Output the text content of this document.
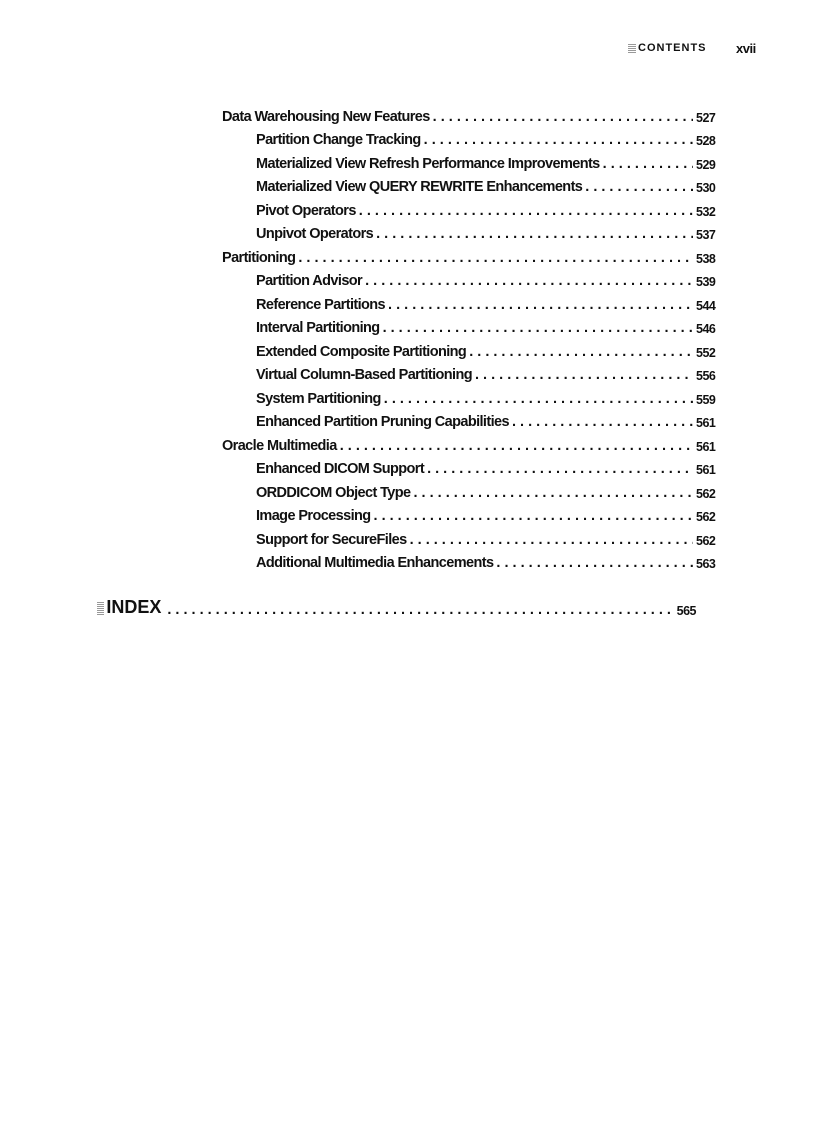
CONTENTS xvii
Data Warehousing New Features . . .	527
Partition Change Tracking . . .	528
Materialized View Refresh Performance Improvements . . .	529
Materialized View QUERY REWRITE Enhancements . . .	530
Pivot Operators . . .	532
Unpivot Operators . . .	537
Partitioning . . .	538
Partition Advisor . . .	539
Reference Partitions . . .	544
Interval Partitioning . . .	546
Extended Composite Partitioning . . .	552
Virtual Column-Based Partitioning . . .	556
System Partitioning . . .	559
Enhanced Partition Pruning Capabilities . . .	561
Oracle Multimedia . . .	561
Enhanced DICOM Support . . .	561
ORDDICOM Object Type . . .	562
Image Processing . . .	562
Support for SecureFiles . . .	562
Additional Multimedia Enhancements . . .	563
INDEX . . .	565
